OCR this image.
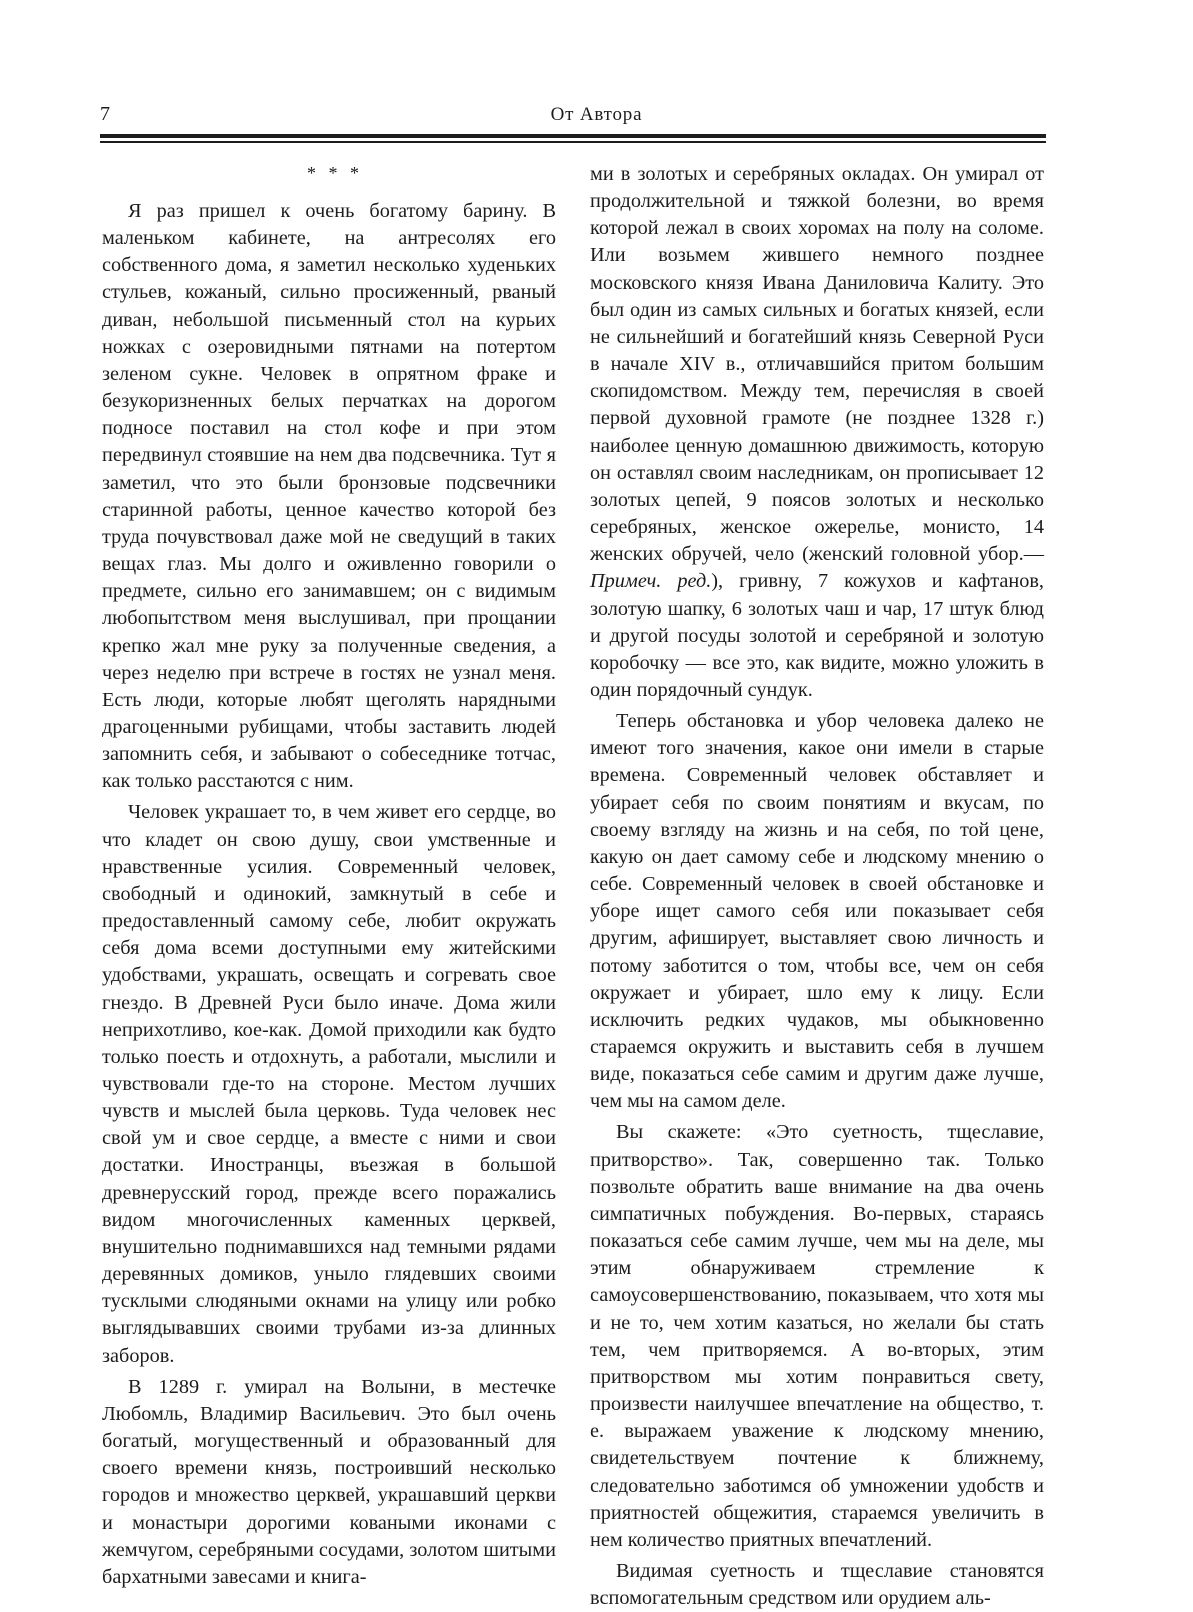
7	От Автора
* * *

Я раз пришел к очень богатому барину. В маленьком кабинете, на антресолях его собственного дома, я заметил несколько худеньких стульев, кожаный, сильно просиженный, рваный диван, небольшой письменный стол на курьих ножках с озеровидными пятнами на потертом зеленом сукне. Человек в опрятном фраке и безукоризненных белых перчатках на дорогом подносе поставил на стол кофе и при этом передвинул стоявшие на нем два подсвечника. Тут я заметил, что это были бронзовые подсвечники старинной работы, ценное качество которой без труда почувствовал даже мой не сведущий в таких вещах глаз. Мы долго и оживленно говорили о предмете, сильно его занимавшем; он с видимым любопытством меня выслушивал, при прощании крепко жал мне руку за полученные сведения, а через неделю при встрече в гостях не узнал меня. Есть люди, которые любят щеголять нарядными драгоценными рубищами, чтобы заставить людей запомнить себя, и забывают о собеседнике тотчас, как только расстаются с ним.

Человек украшает то, в чем живет его сердце, во что кладет он свою душу, свои умственные и нравственные усилия. Современный человек, свободный и одинокий, замкнутый в себе и предоставленный самому себе, любит окружать себя дома всеми доступными ему житейскими удобствами, украшать, освещать и согревать свое гнездо. В Древней Руси было иначе. Дома жили неприхотливо, кое-как. Домой приходили как будто только поесть и отдохнуть, а работали, мыслили и чувствовали где-то на стороне. Местом лучших чувств и мыслей была церковь. Туда человек нес свой ум и свое сердце, а вместе с ними и свои достатки. Иностранцы, въезжая в большой древнерусский город, прежде всего поражались видом многочисленных каменных церквей, внушительно поднимавшихся над темными рядами деревянных домиков, уныло глядевших своими тусклыми слюдяными окнами на улицу или робко выглядывавших своими трубами из-за длинных заборов.

В 1289 г. умирал на Волыни, в местечке Любомль, Владимир Васильевич. Это был очень богатый, могущественный и образованный для своего времени князь, построивший несколько городов и множество церквей, украшавший церкви и монастыри дорогими коваными иконами с жемчугом, серебряными сосудами, золотом шитыми бархатными завесами и книга-

ми в золотых и серебряных окладах. Он умирал от продолжительной и тяжкой болезни, во время которой лежал в своих хоромах на полу на соломе. Или возьмем жившего немного позднее московского князя Ивана Даниловича Калиту. Это был один из самых сильных и богатых князей, если не сильнейший и богатейший князь Северной Руси в начале XIV в., отличавшийся притом большим скопидомством. Между тем, перечисляя в своей первой духовной грамоте (не позднее 1328 г.) наиболее ценную домашнюю движимость, которую он оставлял своим наследникам, он прописывает 12 золотых цепей, 9 поясов золотых и несколько серебряных, женское ожерелье, монисто, 14 женских обручей, чело (женский головной убор.— Примеч. ред.), гривну, 7 кожухов и кафтанов, золотую шапку, 6 золотых чаш и чар, 17 штук блюд и другой посуды золотой и серебряной и золотую коробочку — все это, как видите, можно уложить в один порядочный сундук.

Теперь обстановка и убор человека далеко не имеют того значения, какое они имели в старые времена. Современный человек обставляет и убирает себя по своим понятиям и вкусам, по своему взгляду на жизнь и на себя, по той цене, какую он дает самому себе и людскому мнению о себе. Современный человек в своей обстановке и уборе ищет самого себя или показывает себя другим, афиширует, выставляет свою личность и потому заботится о том, чтобы все, чем он себя окружает и убирает, шло ему к лицу. Если исключить редких чудаков, мы обыкновенно стараемся окружить и выставить себя в лучшем виде, показаться себе самим и другим даже лучше, чем мы на самом деле.

Вы скажете: «Это суетность, тщеславие, притворство». Так, совершенно так. Только позвольте обратить ваше внимание на два очень симпатичных побуждения. Во-первых, стараясь показаться себе самим лучше, чем мы на деле, мы этим обнаруживаем стремление к самоусовершенствованию, показываем, что хотя мы и не то, чем хотим казаться, но желали бы стать тем, чем притворяемся. А во-вторых, этим притворством мы хотим понравиться свету, произвести наилучшее впечатление на общество, т. е. выражаем уважение к людскому мнению, свидетельствуем почтение к ближнему, следовательно заботимся об умножении удобств и приятностей общежития, стараемся увеличить в нем количество приятных впечатлений.

Видимая суетность и тщеславие становятся вспомогательным средством или орудием аль-
